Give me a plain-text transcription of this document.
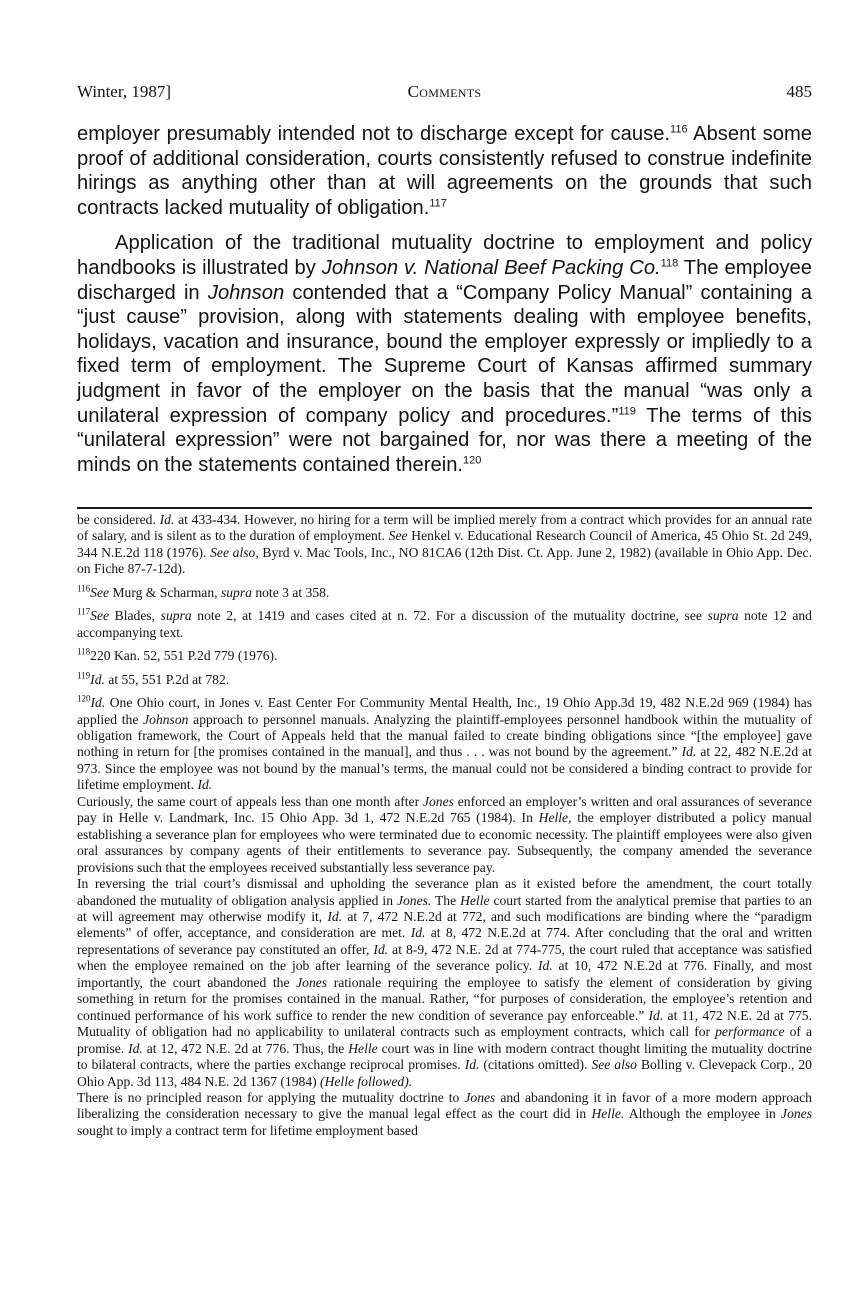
Winter, 1987]	Comments	485

employer presumably intended not to discharge except for cause.$^{116}$ Absent some proof of additional consideration, courts consistently refused to construe indefinite hirings as anything other than at will agreements on the grounds that such contracts lacked mutuality of obligation.$^{117}$

Application of the traditional mutuality doctrine to employment and policy handbooks is illustrated by Johnson v. National Beef Packing Co.$^{118}$ The employee discharged in Johnson contended that a “Company Policy Manual” containing a “just cause” provision, along with statements dealing with employee benefits, holidays, vacation and insurance, bound the employer expressly or impliedly to a fixed term of employment. The Supreme Court of Kansas affirmed summary judgment in favor of the employer on the basis that the manual “was only a unilateral expression of company policy and procedures.”$^{119}$ The terms of this “unilateral expression” were not bargained for, nor was there a meeting of the minds on the statements contained therein.$^{120}$

be considered. Id. at 433-434. However, no hiring for a term will be implied merely from a contract which provides for an annual rate of salary, and is silent as to the duration of employment. See Henkel v. Educational Research Council of America, 45 Ohio St. 2d 249, 344 N.E.2d 118 (1976). See also, Byrd v. Mac Tools, Inc., NO 81CA6 (12th Dist. Ct. App. June 2, 1982) (available in Ohio App. Dec. on Fiche 87-7-12d).

$^{116}$See Murg & Scharman, supra note 3 at 358.

$^{117}$See Blades, supra note 2, at 1419 and cases cited at n. 72. For a discussion of the mutuality doctrine, see supra note 12 and accompanying text.

$^{118}$220 Kan. 52, 551 P.2d 779 (1976).

$^{119}$Id. at 55, 551 P.2d at 782.

$^{120}$Id. One Ohio court, in Jones v. East Center For Community Mental Health, Inc., 19 Ohio App.3d 19, 482 N.E.2d 969 (1984) has applied the Johnson approach to personnel manuals. Analyzing the plaintiff-employees personnel handbook within the mutuality of obligation framework, the Court of Appeals held that the manual failed to create binding obligations since “[the employee] gave nothing in return for [the promises contained in the manual], and thus . . . was not bound by the agreement.” Id. at 22, 482 N.E.2d at 973. Since the employee was not bound by the manual’s terms, the manual could not be considered a binding contract to provide for lifetime employment. Id.

Curiously, the same court of appeals less than one month after Jones enforced an employer’s written and oral assurances of severance pay in Helle v. Landmark, Inc. 15 Ohio App. 3d 1, 472 N.E.2d 765 (1984). In Helle, the employer distributed a policy manual establishing a severance plan for employees who were terminated due to economic necessity. The plaintiff employees were also given oral assurances by company agents of their entitlements to severance pay. Subsequently, the company amended the severance provisions such that the employees received substantially less severance pay.

In reversing the trial court’s dismissal and upholding the severance plan as it existed before the amendment, the court totally abandoned the mutuality of obligation analysis applied in Jones. The Helle court started from the analytical premise that parties to an at will agreement may otherwise modify it, Id. at 7, 472 N.E.2d at 772, and such modifications are binding where the “paradigm elements” of offer, acceptance, and consideration are met. Id. at 8, 472 N.E.2d at 774. After concluding that the oral and written representations of severance pay constituted an offer, Id. at 8-9, 472 N.E. 2d at 774-775, the court ruled that acceptance was satisfied when the employee remained on the job after learning of the severance policy. Id. at 10, 472 N.E.2d at 776. Finally, and most importantly, the court abandoned the Jones rationale requiring the employee to satisfy the element of consideration by giving something in return for the promises contained in the manual. Rather, “for purposes of consideration, the employee’s retention and continued performance of his work suffice to render the new condition of severance pay enforceable.” Id. at 11, 472 N.E. 2d at 775. Mutuality of obligation had no applicability to unilateral contracts such as employment contracts, which call for performance of a promise. Id. at 12, 472 N.E. 2d at 776. Thus, the Helle court was in line with modern contract thought limiting the mutuality doctrine to bilateral contracts, where the parties exchange reciprocal promises. Id. (citations omitted). See also Bolling v. Clevepack Corp., 20 Ohio App. 3d 113, 484 N.E. 2d 1367 (1984) (Helle followed).

There is no principled reason for applying the mutuality doctrine to Jones and abandoning it in favor of a more modern approach liberalizing the consideration necessary to give the manual legal effect as the court did in Helle. Although the employee in Jones sought to imply a contract term for lifetime employment based
